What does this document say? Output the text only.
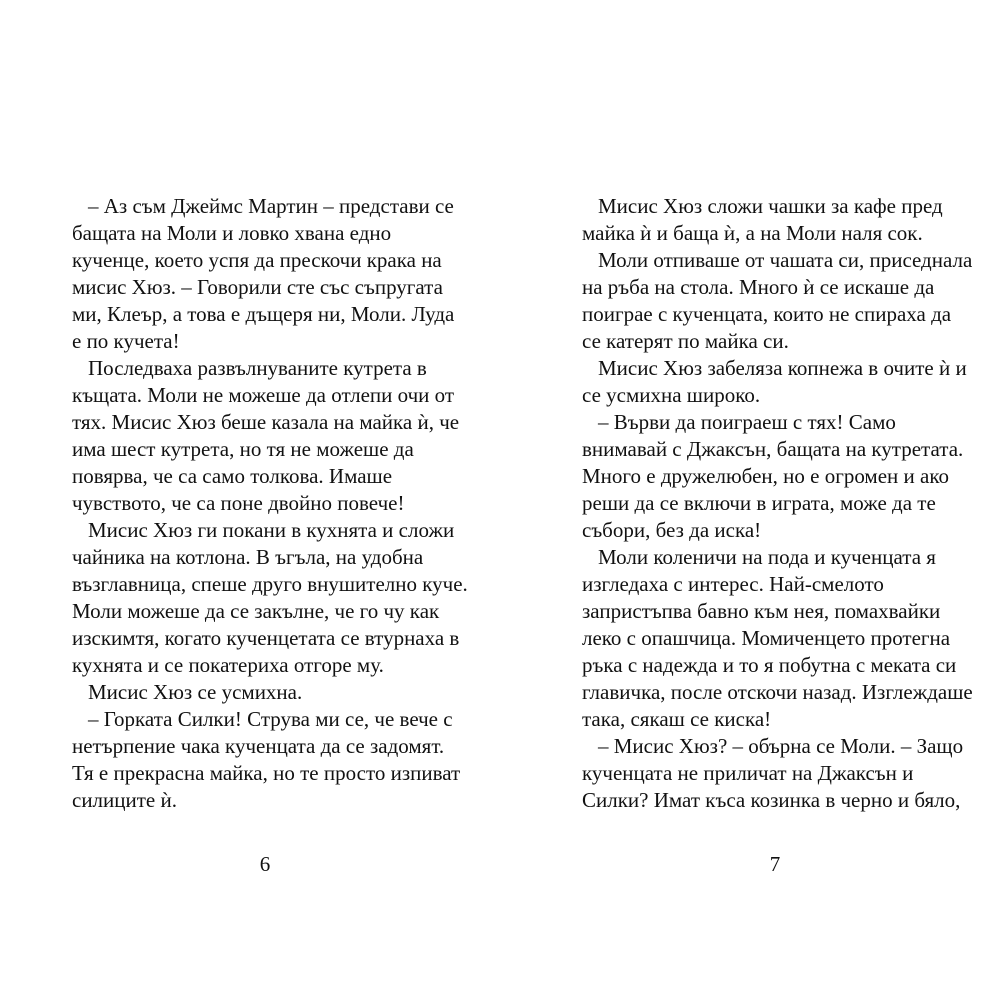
– Аз съм Джеймс Мартин – представи се
бащата на Моли и ловко хвана едно
кученце, което успя да прескочи крака на
мисис Хюз. – Говорили сте със съпругата
ми, Клеър, а това е дъщеря ни, Моли. Луда
е по кучета!
Последваха развълнуваните кутрета в
къщата. Моли не можеше да отлепи очи от
тях. Мисис Хюз беше казала на майка ѝ, че
има шест кутрета, но тя не можеше да
повярва, че са само толкова. Имаше
чувството, че са поне двойно повече!
Мисис Хюз ги покани в кухнята и сложи
чайника на котлона. В ъгъла, на удобна
възглавница, спеше друго внушително куче.
Моли можеше да се закълне, че го чу как
изскимтя, когато кученцетата се втурнаха в
кухнята и се покатериха отгоре му.
Мисис Хюз се усмихна.
– Горката Силки! Струва ми се, че вече с
нетърпение чака кученцата да се задомят.
Тя е прекрасна майка, но те просто изпиват
силиците ѝ.
Мисис Хюз сложи чашки за кафе пред
майка ѝ и баща ѝ, а на Моли наля сок.
Моли отпиваше от чашата си, приседнала
на ръба на стола. Много ѝ се искаше да
поиграе с кученцата, които не спираха да
се катерят по майка си.
Мисис Хюз забеляза копнежа в очите ѝ и
се усмихна широко.
– Върви да поиграеш с тях! Само
внимавай с Джаксън, бащата на кутретата.
Много е дружелюбен, но е огромен и ако
реши да се включи в играта, може да те
събори, без да иска!
Моли коленичи на пода и кученцата я
изгледаха с интерес. Най-смелото
запристъпва бавно към нея, помахвайки
леко с опашчица. Момиченцето протегна
ръка с надежда и то я побутна с меката си
главичка, после отскочи назад. Изглеждаше
така, сякаш се киска!
– Мисис Хюз? – обърна се Моли. – Защо
кученцата не приличат на Джаксън и
Силки? Имат къса козинка в черно и бяло,
6	7
